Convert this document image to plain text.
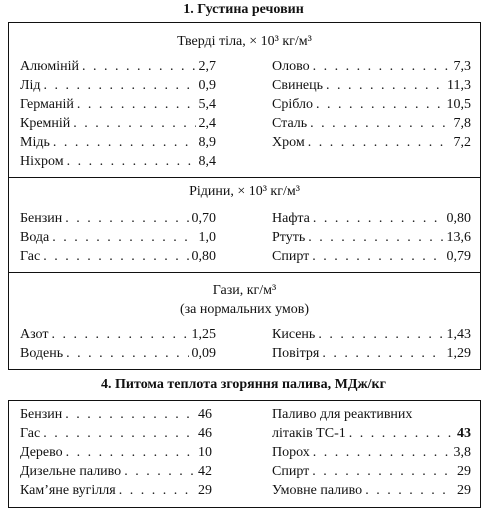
1. Густина речовин
Тверді тіла, × 10³ кг/м³
Алюміній . . .	2,7
Лід . . .	0,9
Германій . . .	5,4
Кремній . . .	2,4
Мідь . . .	8,9
Ніхром . . .	8,4
Олово . . .	7,3
Свинець . . .	11,3
Срібло . . .	10,5
Сталь . . .	7,8
Хром . . .	7,2
Рідини, × 10³ кг/м³
Бензин . . .	0,70
Вода . . .	1,0
Гас . . .	0,80
Нафта . . .	0,80
Ртуть . . .	13,6
Спирт . . .	0,79
Гази, кг/м³
(за нормальних умов)
Азот . . .	1,25
Водень . . .	0,09
Кисень . . .	1,43
Повітря . . .	1,29
4. Питома теплота згоряння палива, МДж/кг
Бензин . . .	46
Гас . . .	46
Дерево . . .	10
Дизельне паливо . . .	42
Кам’яне вугілля . . .	29
Паливо для реактивних
літаків ТС-1 . . .	43
Порох . . .	3,8
Спирт . . .	29
Умовне паливо . . .	29
